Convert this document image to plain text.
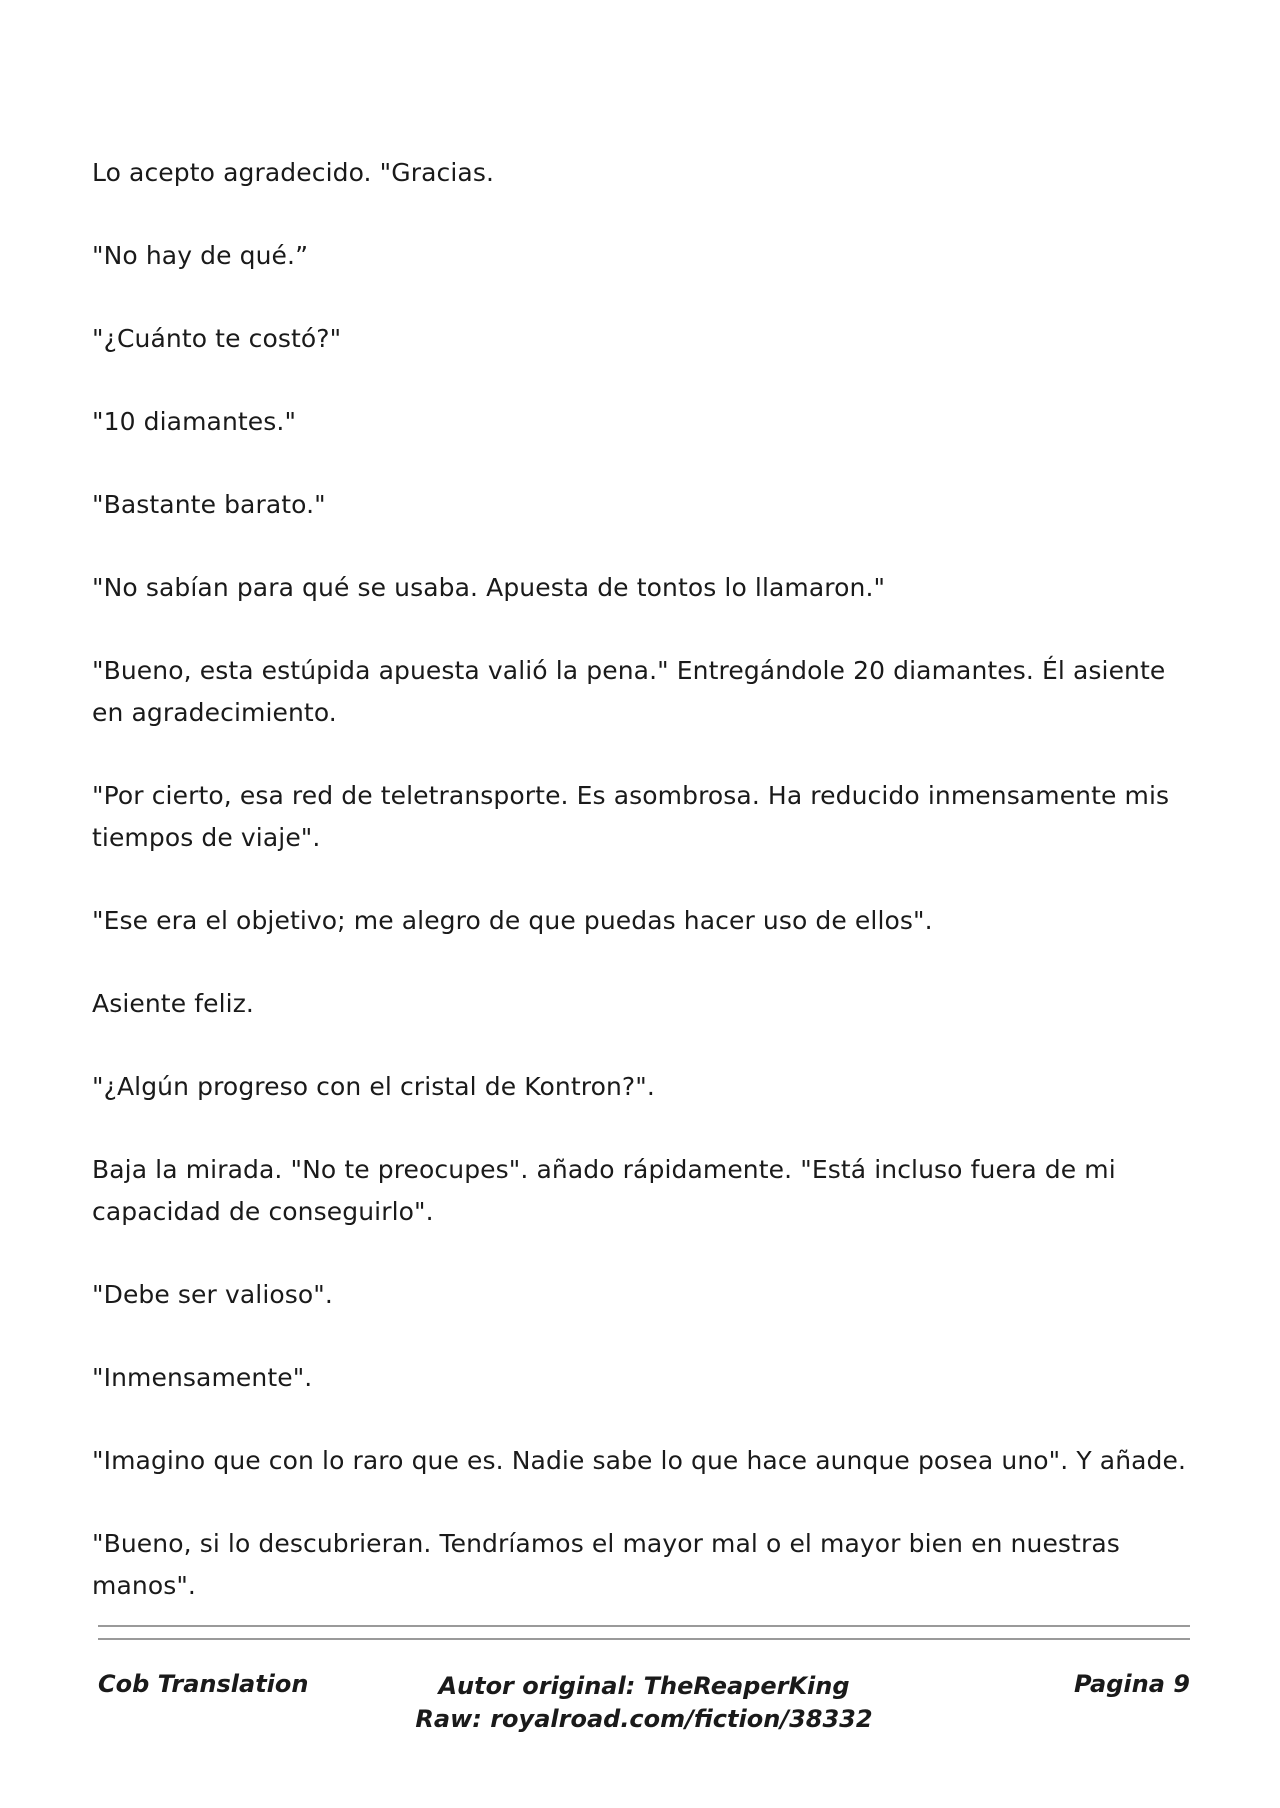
Lo acepto agradecido. "Gracias.

"No hay de qué.”

"¿Cuánto te costó?"

"10 diamantes."

"Bastante barato."

"No sabían para qué se usaba. Apuesta de tontos lo llamaron."

"Bueno, esta estúpida apuesta valió la pena." Entregándole 20 diamantes. Él asiente en agradecimiento.

"Por cierto, esa red de teletransporte. Es asombrosa. Ha reducido inmensamente mis tiempos de viaje".

"Ese era el objetivo; me alegro de que puedas hacer uso de ellos".

Asiente feliz.

"¿Algún progreso con el cristal de Kontron?".

Baja la mirada. "No te preocupes". añado rápidamente. "Está incluso fuera de mi capacidad de conseguirlo".

"Debe ser valioso".

"Inmensamente".

"Imagino que con lo raro que es. Nadie sabe lo que hace aunque posea uno". Y añade.

"Bueno, si lo descubrieran. Tendríamos el mayor mal o el mayor bien en nuestras manos".

Cob Translation	Autor original: TheReaperKing
Raw: royalroad.com/fiction/38332
Pagina 9
